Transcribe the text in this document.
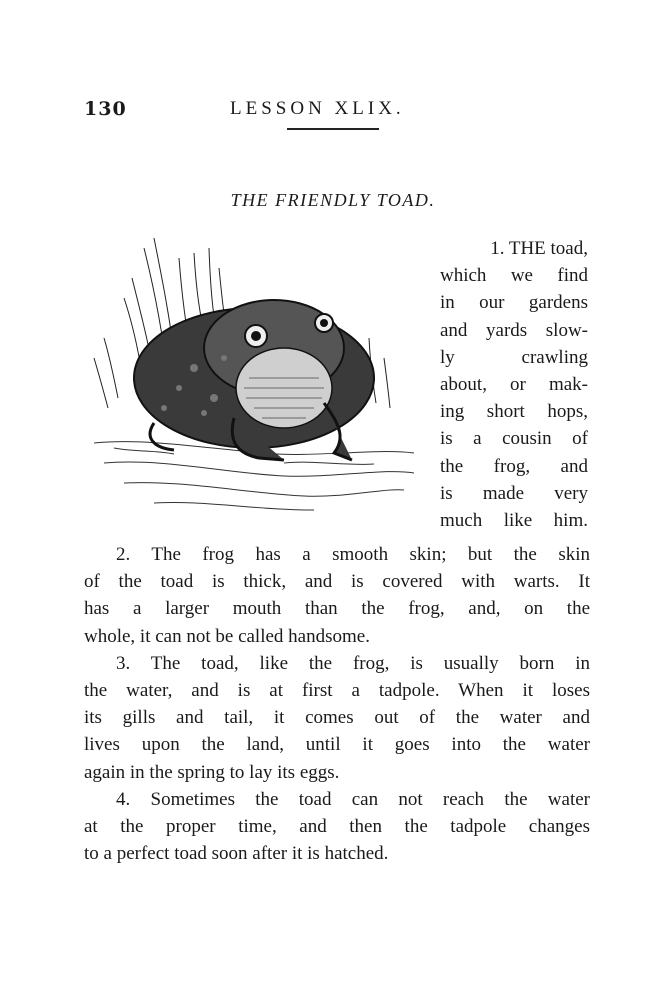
130	LESSON XLIX.
THE FRIENDLY TOAD.
1. THE toad,
which we find
in our gardens
and yards slow-
ly crawling
about, or mak-
ing short hops,
is a cousin of
the frog, and
is made very
much like him.
2. The frog has a smooth skin; but the skin
of the toad is thick, and is covered with warts. It
has a larger mouth than the frog, and, on the
whole, it can not be called handsome.
3. The toad, like the frog, is usually born in
the water, and is at first a tadpole. When it loses
its gills and tail, it comes out of the water and
lives upon the land, until it goes into the water
again in the spring to lay its eggs.
4. Sometimes the toad can not reach the water
at the proper time, and then the tadpole changes
to a perfect toad soon after it is hatched.
